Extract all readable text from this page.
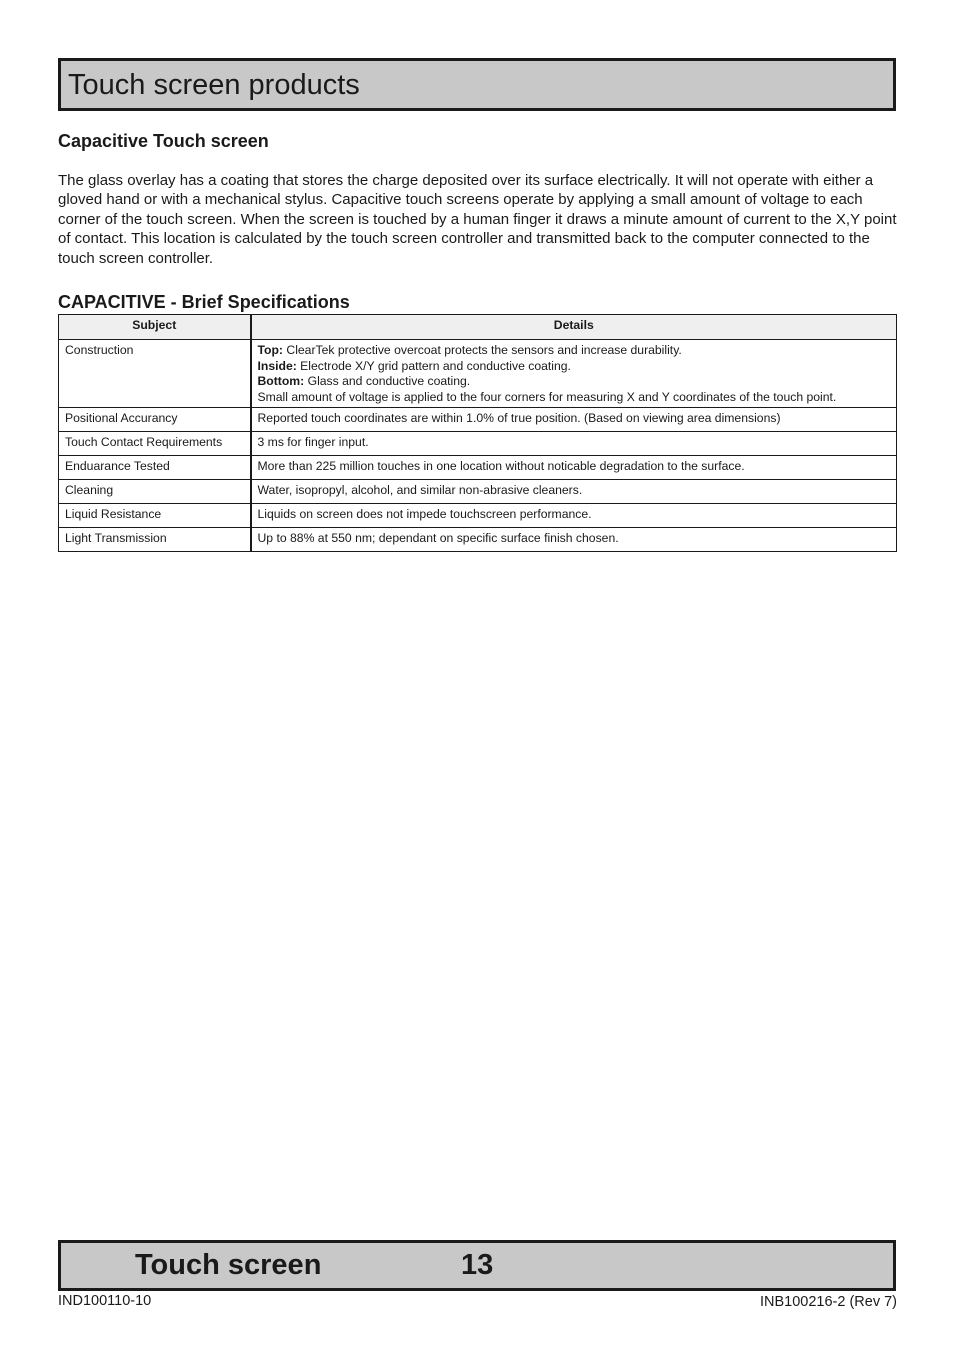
Touch screen products
Capacitive Touch screen
The glass overlay has a coating that stores the charge deposited over its surface electrically. It will not operate with either a gloved hand or with a mechanical stylus. Capacitive touch screens operate by applying a small amount of voltage to each corner of the touch screen. When the screen is touched by a human finger it draws a minute amount of current to the X,Y point of contact. This location is calculated by the touch screen controller and transmitted back to the computer connected to the touch screen controller.
CAPACITIVE - Brief Specifications
Subject	Details
Construction	Top: ClearTek protective overcoat protects the sensors and increase durability.
Inside: Electrode X/Y grid pattern and conductive coating.
Bottom: Glass and conductive coating.
Small amount of voltage is applied to the four corners for measuring X and Y coordinates of the touch point.

Positional Accurancy	Reported touch coordinates are within 1.0% of true position. (Based on viewing area dimensions)
Touch Contact Requirements	3 ms for finger input.
Enduarance Tested	More than 225 million touches in one location without noticable degradation to the surface.
Cleaning	Water, isopropyl, alcohol, and similar non-abrasive cleaners.
Liquid Resistance	Liquids on screen does not impede touchscreen performance.
Light Transmission	Up to 88% at 550 nm; dependant on specific surface finish chosen.
Touch screen	13
IND100110-10	INB100216-2 (Rev 7)
